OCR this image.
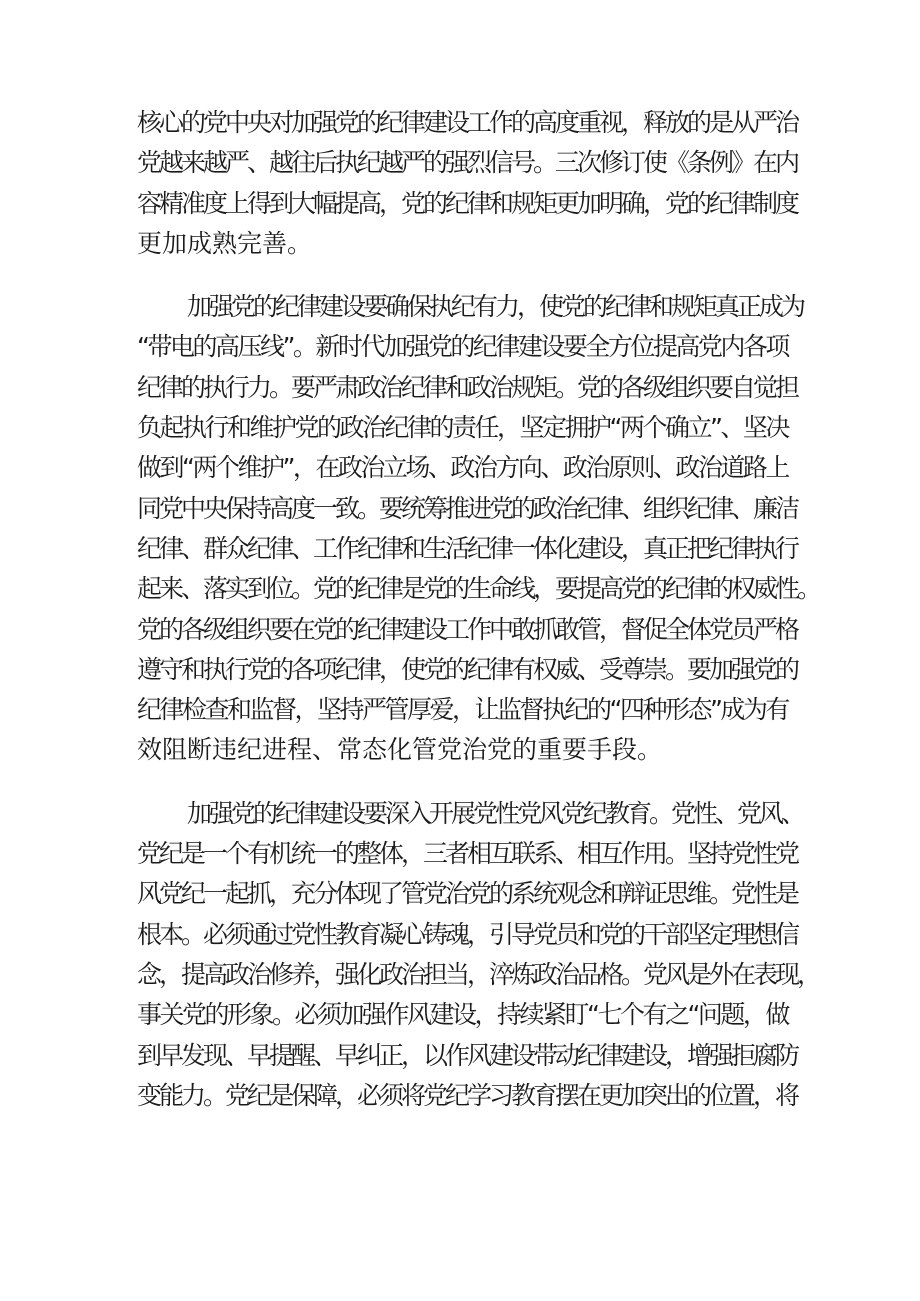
核心的党中央对加强党的纪律建设工作的高度重视，释放的是从严治
党越来越严、越往后执纪越严的强烈信号。三次修订使《条例》在内
容精准度上得到大幅提高，党的纪律和规矩更加明确，党的纪律制度
更加成熟完善。
加强党的纪律建设要确保执纪有力，使党的纪律和规矩真正成为
“带电的高压线”。新时代加强党的纪律建设要全方位提高党内各项
纪律的执行力。要严肃政治纪律和政治规矩。党的各级组织要自觉担
负起执行和维护党的政治纪律的责任，坚定拥护“两个确立”、坚决
做到“两个维护”，在政治立场、政治方向、政治原则、政治道路上
同党中央保持高度一致。要统筹推进党的政治纪律、组织纪律、廉洁
纪律、群众纪律、工作纪律和生活纪律一体化建设，真正把纪律执行
起来、落实到位。党的纪律是党的生命线，要提高党的纪律的权威性。
党的各级组织要在党的纪律建设工作中敢抓敢管，督促全体党员严格
遵守和执行党的各项纪律，使党的纪律有权威、受尊崇。要加强党的
纪律检查和监督，坚持严管厚爱，让监督执纪的“四种形态”成为有
效阻断违纪进程、常态化管党治党的重要手段。
加强党的纪律建设要深入开展党性党风党纪教育。党性、党风、
党纪是一个有机统一的整体，三者相互联系、相互作用。坚持党性党
风党纪一起抓，充分体现了管党治党的系统观念和辩证思维。党性是
根本。必须通过党性教育凝心铸魂，引导党员和党的干部坚定理想信
念，提高政治修养，强化政治担当，淬炼政治品格。党风是外在表现，
事关党的形象。必须加强作风建设，持续紧盯“七个有之“问题，做
到早发现、早提醒、早纠正，以作风建设带动纪律建设，增强拒腐防
变能力。党纪是保障，必须将党纪学习教育摆在更加突出的位置，将
